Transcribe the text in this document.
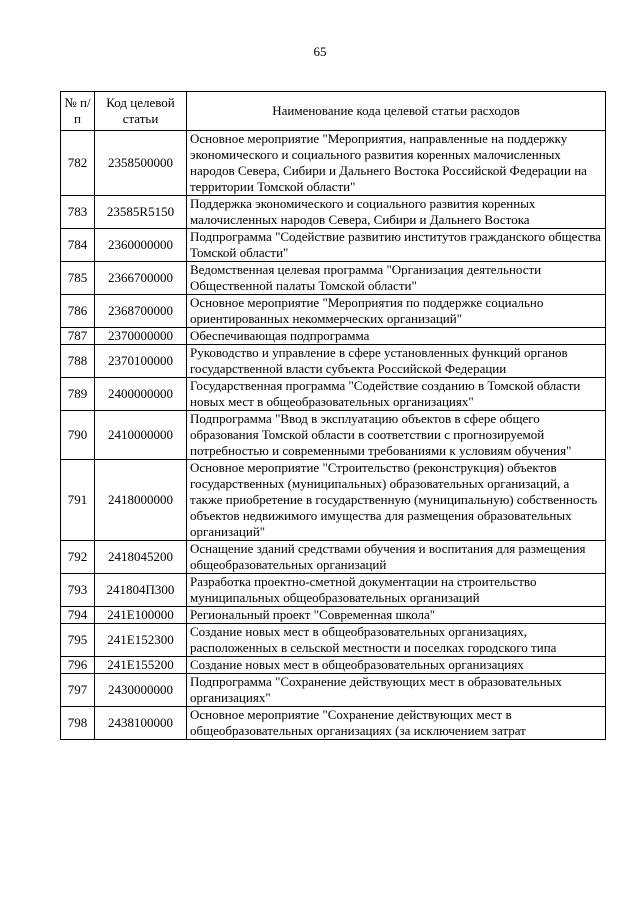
65
№ п/п	Код целевой статьи	Наименование кода целевой статьи расходов
782	2358500000	Основное мероприятие "Мероприятия, направленные на поддержку экономического и социального развития коренных малочисленных народов Севера, Сибири и Дальнего Востока Российской Федерации на территории Томской области"
783	23585R5150	Поддержка экономического и социального развития коренных малочисленных народов Севера, Сибири и Дальнего Востока
784	2360000000	Подпрограмма "Содействие развитию институтов гражданского общества Томской области"
785	2366700000	Ведомственная целевая программа "Организация деятельности Общественной палаты Томской области"
786	2368700000	Основное мероприятие "Мероприятия по поддержке социально ориентированных некоммерческих организаций"
787	2370000000	Обеспечивающая подпрограмма
788	2370100000	Руководство и управление в сфере установленных функций органов государственной власти субъекта Российской Федерации
789	2400000000	Государственная программа "Содействие созданию в Томской области новых мест в общеобразовательных организациях"
790	2410000000	Подпрограмма "Ввод в эксплуатацию объектов в сфере общего образования Томской области в соответствии с прогнозируемой потребностью и современными требованиями к условиям обучения"
791	2418000000	Основное мероприятие "Строительство (реконструкция) объектов государственных (муниципальных) образовательных организаций, а также приобретение в государственную (муниципальную) собственность объектов недвижимого имущества для размещения образовательных организаций"
792	2418045200	Оснащение зданий средствами обучения и воспитания для размещения общеобразовательных организаций
793	241804П300	Разработка проектно-сметной документации на строительство муниципальных общеобразовательных организаций
794	241E100000	Региональный проект "Современная школа"
795	241E152300	Создание новых мест в общеобразовательных организациях, расположенных в сельской местности и поселках городского типа
796	241E155200	Создание новых мест в общеобразовательных организациях
797	2430000000	Подпрограмма "Сохранение действующих мест в образовательных организациях"
798	2438100000	Основное мероприятие "Сохранение действующих мест в общеобразовательных организациях (за исключением затрат
